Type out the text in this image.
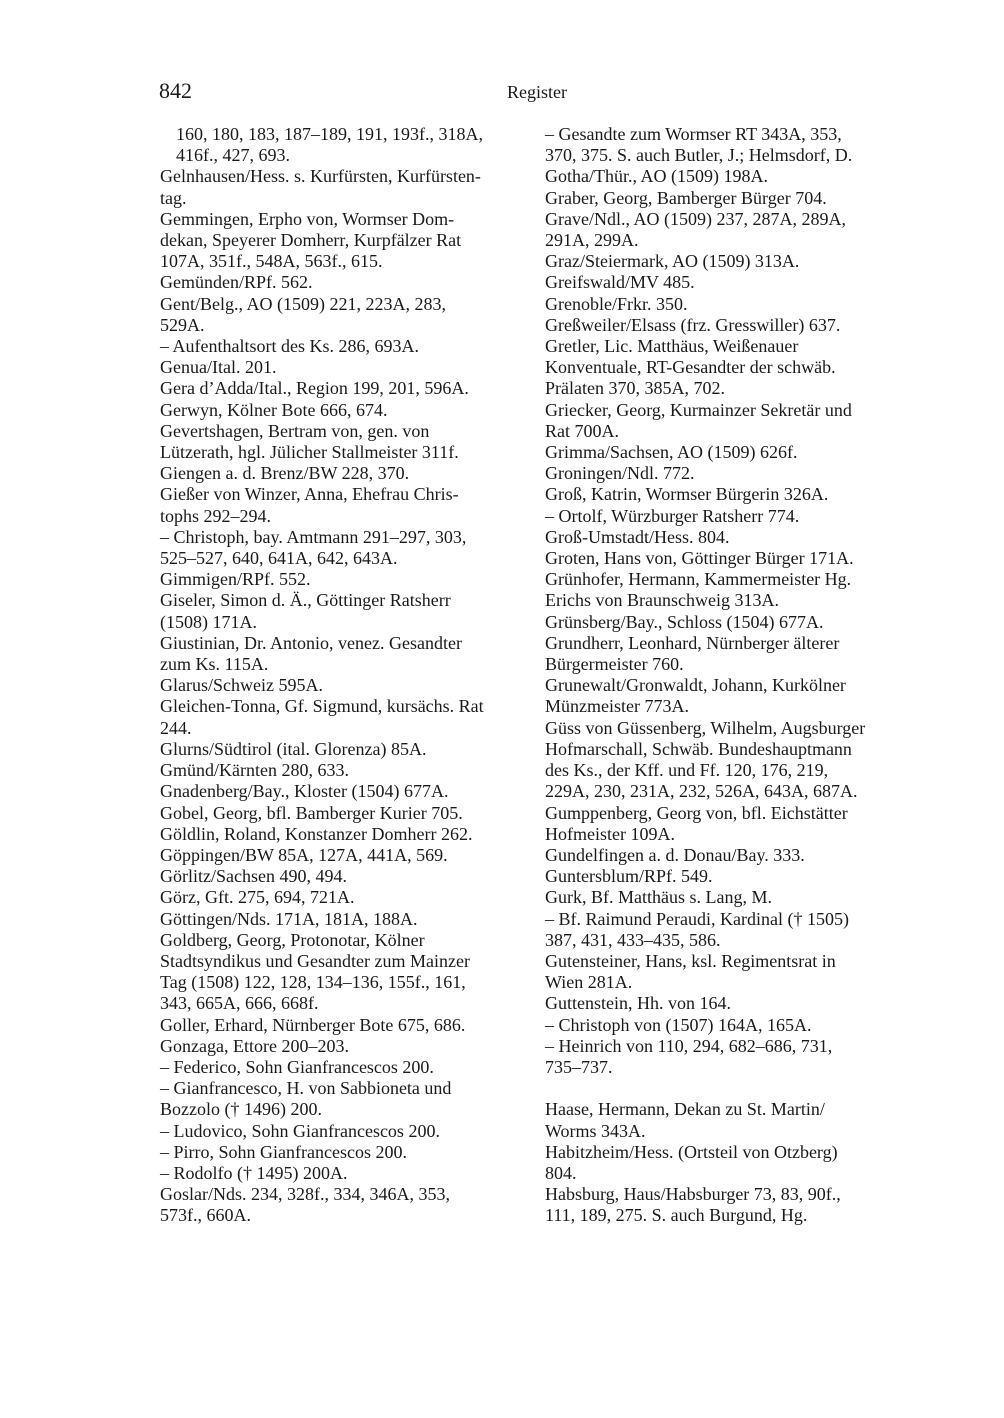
842	Register
160, 180, 183, 187–189, 191, 193f., 318A,
416f., 427, 693.
Gelnhausen/Hess. s. Kurfürsten, Kurfürsten-
tag.
Gemmingen, Erpho von, Wormser Dom-
dekan, Speyerer Domherr, Kurpfälzer Rat
107A, 351f., 548A, 563f., 615.
Gemünden/RPf. 562.
Gent/Belg., AO (1509) 221, 223A, 283,
529A.
– Aufenthaltsort des Ks. 286, 693A.
Genua/Ital. 201.
Gera d’Adda/Ital., Region 199, 201, 596A.
Gerwyn, Kölner Bote 666, 674.
Gevertshagen, Bertram von, gen. von
Lützerath, hgl. Jülicher Stallmeister 311f.
Giengen a. d. Brenz/BW 228, 370.
Gießer von Winzer, Anna, Ehefrau Chris-
tophs 292–294.
– Christoph, bay. Amtmann 291–297, 303,
525–527, 640, 641A, 642, 643A.
Gimmigen/RPf. 552.
Giseler, Simon d. Ä., Göttinger Ratsherr
(1508) 171A.
Giustinian, Dr. Antonio, venez. Gesandter
zum Ks. 115A.
Glarus/Schweiz 595A.
Gleichen-Tonna, Gf. Sigmund, kursächs. Rat
244.
Glurns/Südtirol (ital. Glorenza) 85A.
Gmünd/Kärnten 280, 633.
Gnadenberg/Bay., Kloster (1504) 677A.
Gobel, Georg, bfl. Bamberger Kurier 705.
Göldlin, Roland, Konstanzer Domherr 262.
Göppingen/BW 85A, 127A, 441A, 569.
Görlitz/Sachsen 490, 494.
Görz, Gft. 275, 694, 721A.
Göttingen/Nds. 171A, 181A, 188A.
Goldberg, Georg, Protonotar, Kölner
Stadtsyndikus und Gesandter zum Mainzer
Tag (1508) 122, 128, 134–136, 155f., 161,
343, 665A, 666, 668f.
Goller, Erhard, Nürnberger Bote 675, 686.
Gonzaga, Ettore 200–203.
– Federico, Sohn Gianfrancescos 200.
– Gianfrancesco, H. von Sabbioneta und
Bozzolo († 1496) 200.
– Ludovico, Sohn Gianfrancescos 200.
– Pirro, Sohn Gianfrancescos 200.
– Rodolfo († 1495) 200A.
Goslar/Nds. 234, 328f., 334, 346A, 353,
573f., 660A.
– Gesandte zum Wormser RT 343A, 353,
370, 375. S. auch Butler, J.; Helmsdorf, D.
Gotha/Thür., AO (1509) 198A.
Graber, Georg, Bamberger Bürger 704.
Grave/Ndl., AO (1509) 237, 287A, 289A,
291A, 299A.
Graz/Steiermark, AO (1509) 313A.
Greifswald/MV 485.
Grenoble/Frkr. 350.
Greßweiler/Elsass (frz. Gresswiller) 637.
Gretler, Lic. Matthäus, Weißenauer
Konventuale, RT-Gesandter der schwäb.
Prälaten 370, 385A, 702.
Griecker, Georg, Kurmainzer Sekretär und
Rat 700A.
Grimma/Sachsen, AO (1509) 626f.
Groningen/Ndl. 772.
Groß, Katrin, Wormser Bürgerin 326A.
– Ortolf, Würzburger Ratsherr 774.
Groß-Umstadt/Hess. 804.
Groten, Hans von, Göttinger Bürger 171A.
Grünhofer, Hermann, Kammermeister Hg.
Erichs von Braunschweig 313A.
Grünsberg/Bay., Schloss (1504) 677A.
Grundherr, Leonhard, Nürnberger älterer
Bürgermeister 760.
Grunewalt/Gronwaldt, Johann, Kurkölner
Münzmeister 773A.
Güss von Güssenberg, Wilhelm, Augsburger
Hofmarschall, Schwäb. Bundeshauptmann
des Ks., der Kff. und Ff. 120, 176, 219,
229A, 230, 231A, 232, 526A, 643A, 687A.
Gumppenberg, Georg von, bfl. Eichstätter
Hofmeister 109A.
Gundelfingen a. d. Donau/Bay. 333.
Guntersblum/RPf. 549.
Gurk, Bf. Matthäus s. Lang, M.
– Bf. Raimund Peraudi, Kardinal († 1505)
387, 431, 433–435, 586.
Gutensteiner, Hans, ksl. Regimentsrat in
Wien 281A.
Guttenstein, Hh. von 164.
– Christoph von (1507) 164A, 165A.
– Heinrich von 110, 294, 682–686, 731,
735–737.
Haase, Hermann, Dekan zu St. Martin/
Worms 343A.
Habitzheim/Hess. (Ortsteil von Otzberg)
804.
Habsburg, Haus/Habsburger 73, 83, 90f.,
111, 189, 275. S. auch Burgund, Hg.
